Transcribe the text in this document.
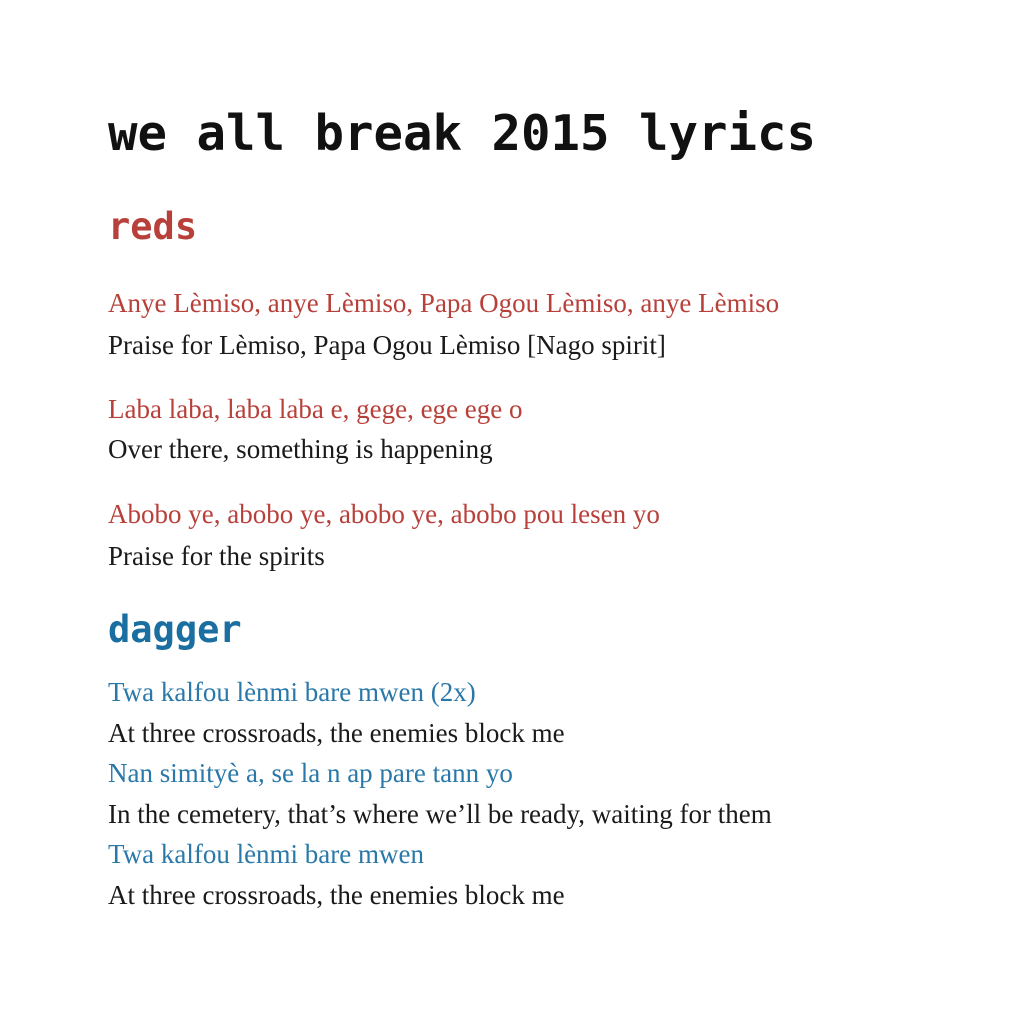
we all break 2015 lyrics
reds

Anye Lèmiso, anye Lèmiso, Papa Ogou Lèmiso, anye Lèmiso

Praise for Lèmiso, Papa Ogou Lèmiso [Nago spirit]

Laba laba, laba laba e, gege, ege ege o

Over there, something is happening

Abobo ye, abobo ye, abobo ye, abobo pou lesen yo

Praise for the spirits

dagger

Twa kalfou lènmi bare mwen (2x)

At three crossroads, the enemies block me

Nan simityè a, se la n ap pare tann yo

In the cemetery, that’s where we’ll be ready, waiting for them

Twa kalfou lènmi bare mwen

At three crossroads, the enemies block me
